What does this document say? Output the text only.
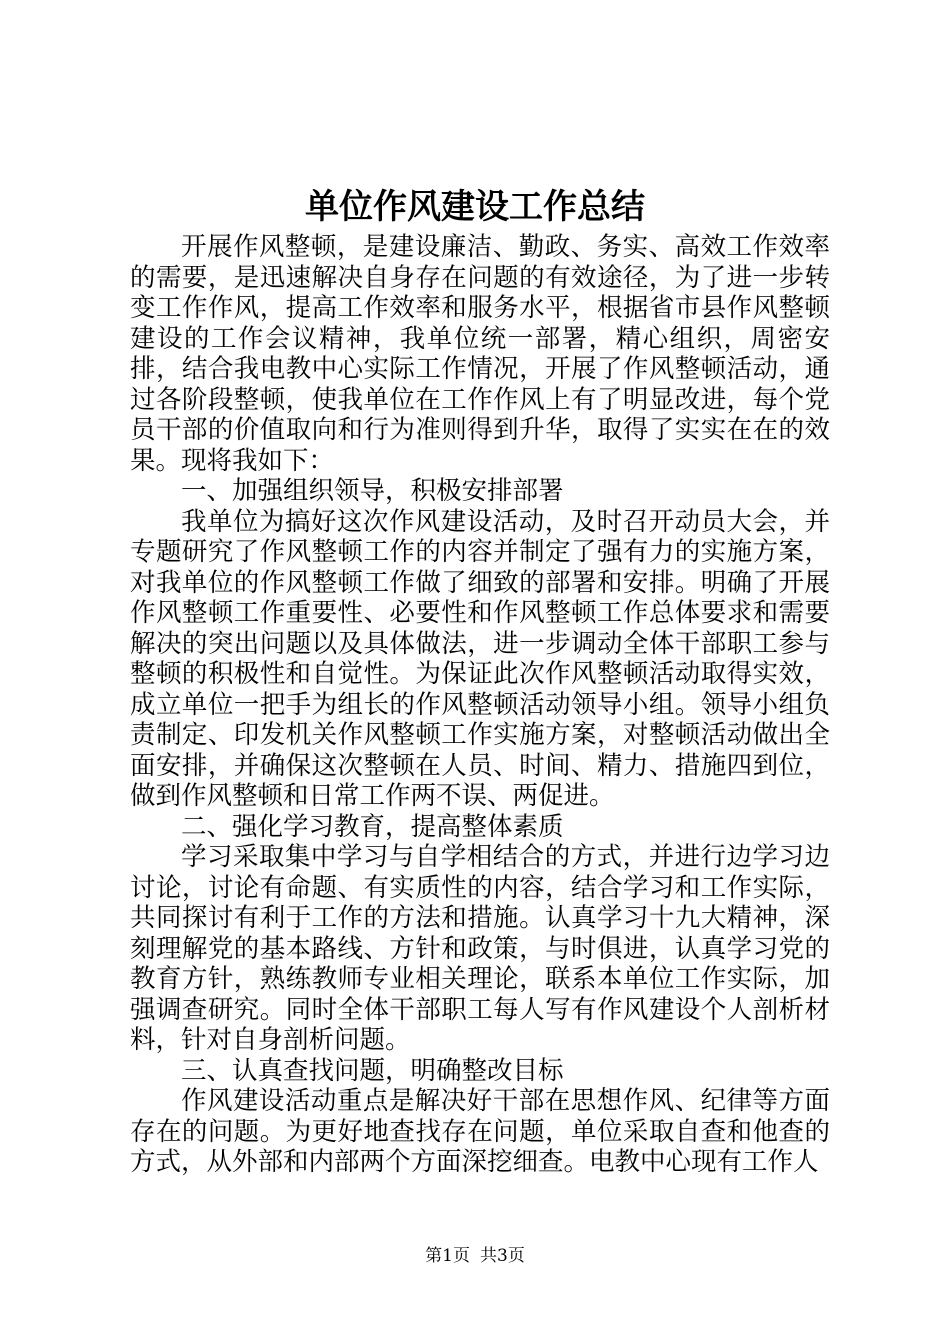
单位作风建设工作总结

开展作风整顿，是建设廉洁、勤政、务实、高效工作效率的需要，是迅速解决自身存在问题的有效途径，为了进一步转变工作作风，提高工作效率和服务水平，根据省市县作风整顿建设的工作会议精神，我单位统一部署，精心组织，周密安排，结合我电教中心实际工作情况，开展了作风整顿活动，通过各阶段整顿，使我单位在工作作风上有了明显改进，每个党员干部的价值取向和行为准则得到升华，取得了实实在在的效果。现将我如下：

一、加强组织领导，积极安排部署

我单位为搞好这次作风建设活动，及时召开动员大会，并专题研究了作风整顿工作的内容并制定了强有力的实施方案，对我单位的作风整顿工作做了细致的部署和安排。明确了开展作风整顿工作重要性、必要性和作风整顿工作总体要求和需要解决的突出问题以及具体做法，进一步调动全体干部职工参与整顿的积极性和自觉性。为保证此次作风整顿活动取得实效，成立单位一把手为组长的作风整顿活动领导小组。领导小组负责制定、印发机关作风整顿工作实施方案，对整顿活动做出全面安排，并确保这次整顿在人员、时间、精力、措施四到位，做到作风整顿和日常工作两不误、两促进。

二、强化学习教育，提高整体素质

学习采取集中学习与自学相结合的方式，并进行边学习边讨论，讨论有命题、有实质性的内容，结合学习和工作实际，共同探讨有利于工作的方法和措施。认真学习十九大精神，深刻理解党的基本路线、方针和政策，与时俱进，认真学习党的教育方针，熟练教师专业相关理论，联系本单位工作实际，加强调查研究。同时全体干部职工每人写有作风建设个人剖析材料，针对自身剖析问题。

三、认真查找问题，明确整改目标

作风建设活动重点是解决好干部在思想作风、纪律等方面存在的问题。为更好地查找存在问题，单位采取自查和他查的方式，从外部和内部两个方面深挖细查。电教中心现有工作人

第1页 共3页
